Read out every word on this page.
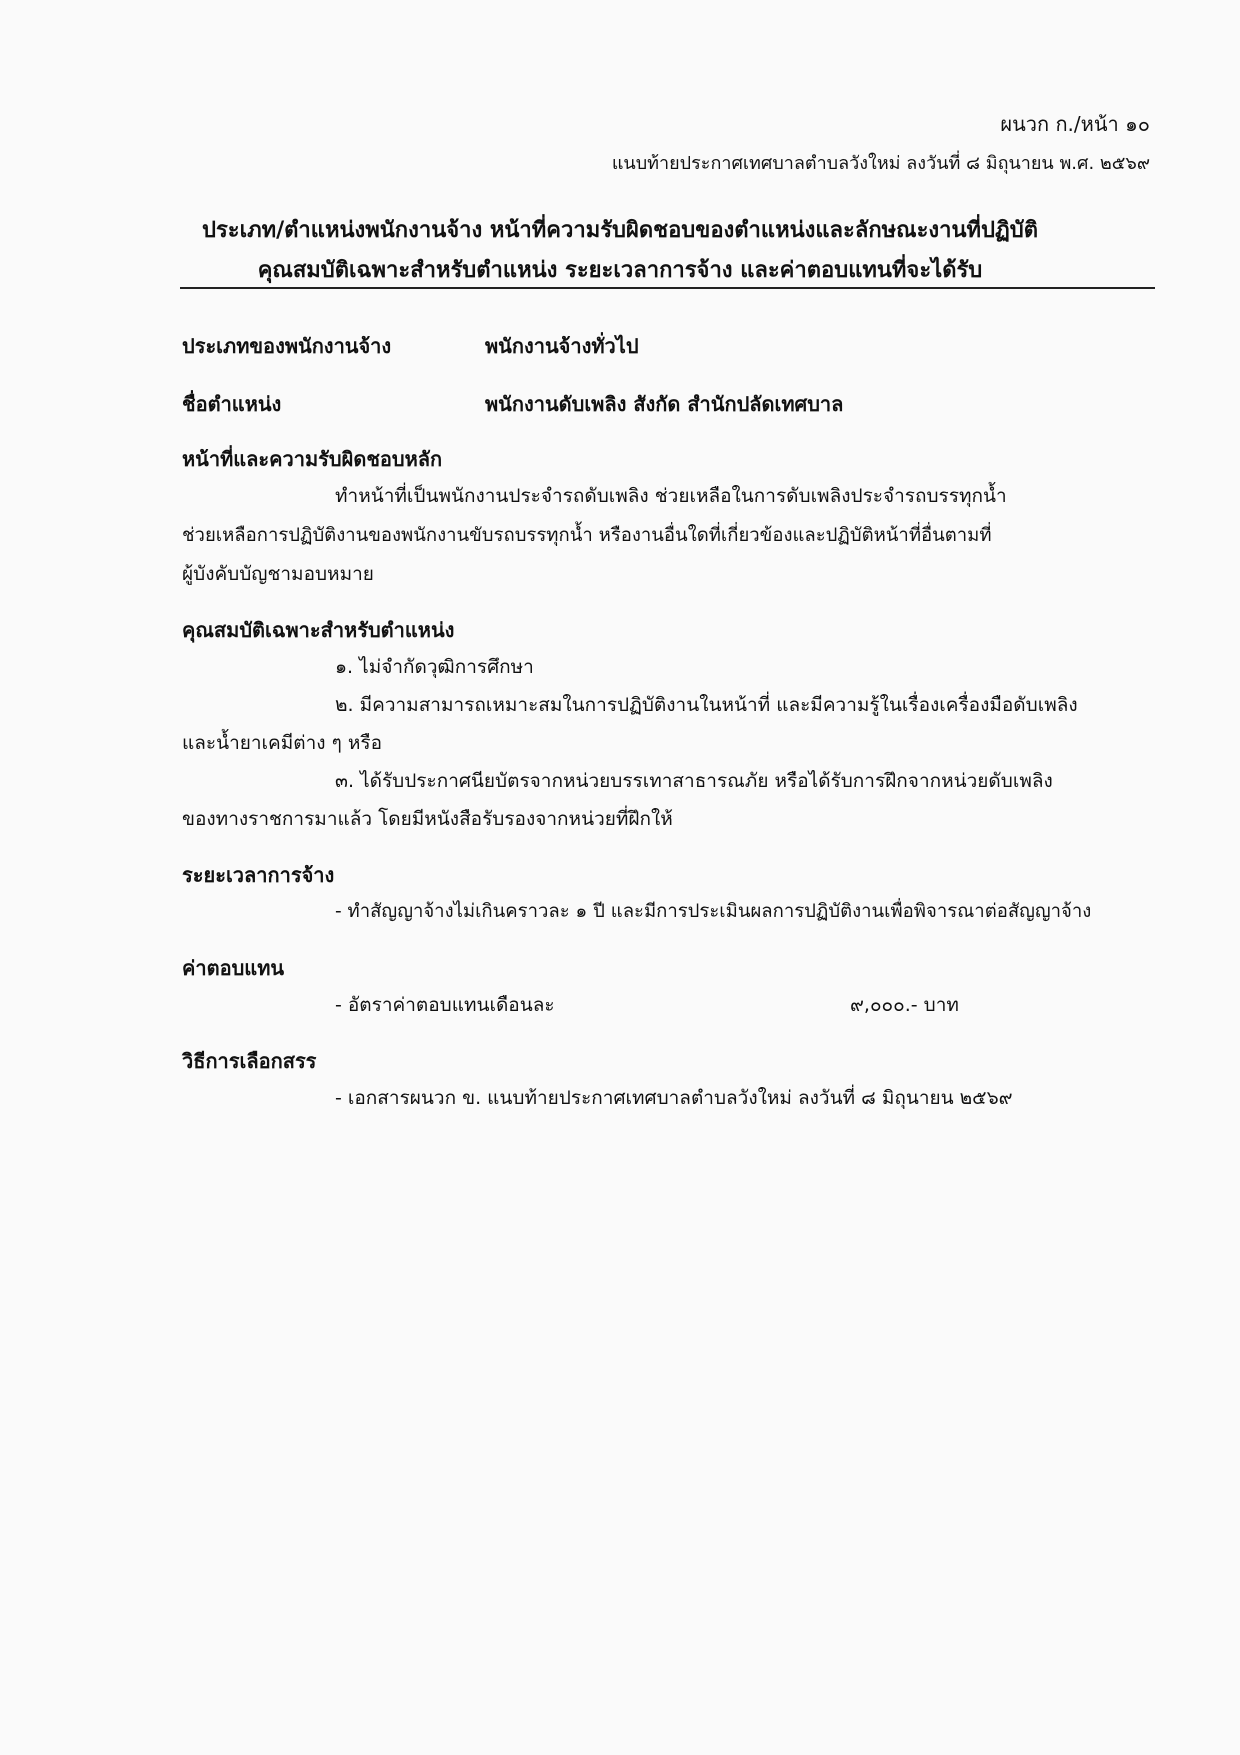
ผนวก ก./หน้า ๑๐
แนบท้ายประกาศเทศบาลตำบลวังใหม่ ลงวันที่ ๘ มิถุนายน พ.ศ. ๒๕๖๙
ประเภท/ตำแหน่งพนักงานจ้าง หน้าที่ความรับผิดชอบของตำแหน่งและลักษณะงานที่ปฏิบัติ
คุณสมบัติเฉพาะสำหรับตำแหน่ง ระยะเวลาการจ้าง และค่าตอบแทนที่จะได้รับ
ประเภทของพนักงานจ้าง	พนักงานจ้างทั่วไป
ชื่อตำแหน่ง	พนักงานดับเพลิง สังกัด สำนักปลัดเทศบาล
หน้าที่และความรับผิดชอบหลัก
ทำหน้าที่เป็นพนักงานประจำรถดับเพลิง ช่วยเหลือในการดับเพลิงประจำรถบรรทุกน้ำ
ช่วยเหลือการปฏิบัติงานของพนักงานขับรถบรรทุกน้ำ หรืองานอื่นใดที่เกี่ยวข้องและปฏิบัติหน้าที่อื่นตามที่
ผู้บังคับบัญชามอบหมาย
คุณสมบัติเฉพาะสำหรับตำแหน่ง
๑. ไม่จำกัดวุฒิการศึกษา
๒. มีความสามารถเหมาะสมในการปฏิบัติงานในหน้าที่ และมีความรู้ในเรื่องเครื่องมือดับเพลิง
และน้ำยาเคมีต่าง ๆ หรือ
๓. ได้รับประกาศนียบัตรจากหน่วยบรรเทาสาธารณภัย หรือได้รับการฝึกจากหน่วยดับเพลิง
ของทางราชการมาแล้ว โดยมีหนังสือรับรองจากหน่วยที่ฝึกให้
ระยะเวลาการจ้าง
- ทำสัญญาจ้างไม่เกินคราวละ ๑ ปี และมีการประเมินผลการปฏิบัติงานเพื่อพิจารณาต่อสัญญาจ้าง
ค่าตอบแทน
- อัตราค่าตอบแทนเดือนละ	๙,๐๐๐.- บาท
วิธีการเลือกสรร
- เอกสารผนวก ข. แนบท้ายประกาศเทศบาลตำบลวังใหม่ ลงวันที่ ๘ มิถุนายน ๒๕๖๙
